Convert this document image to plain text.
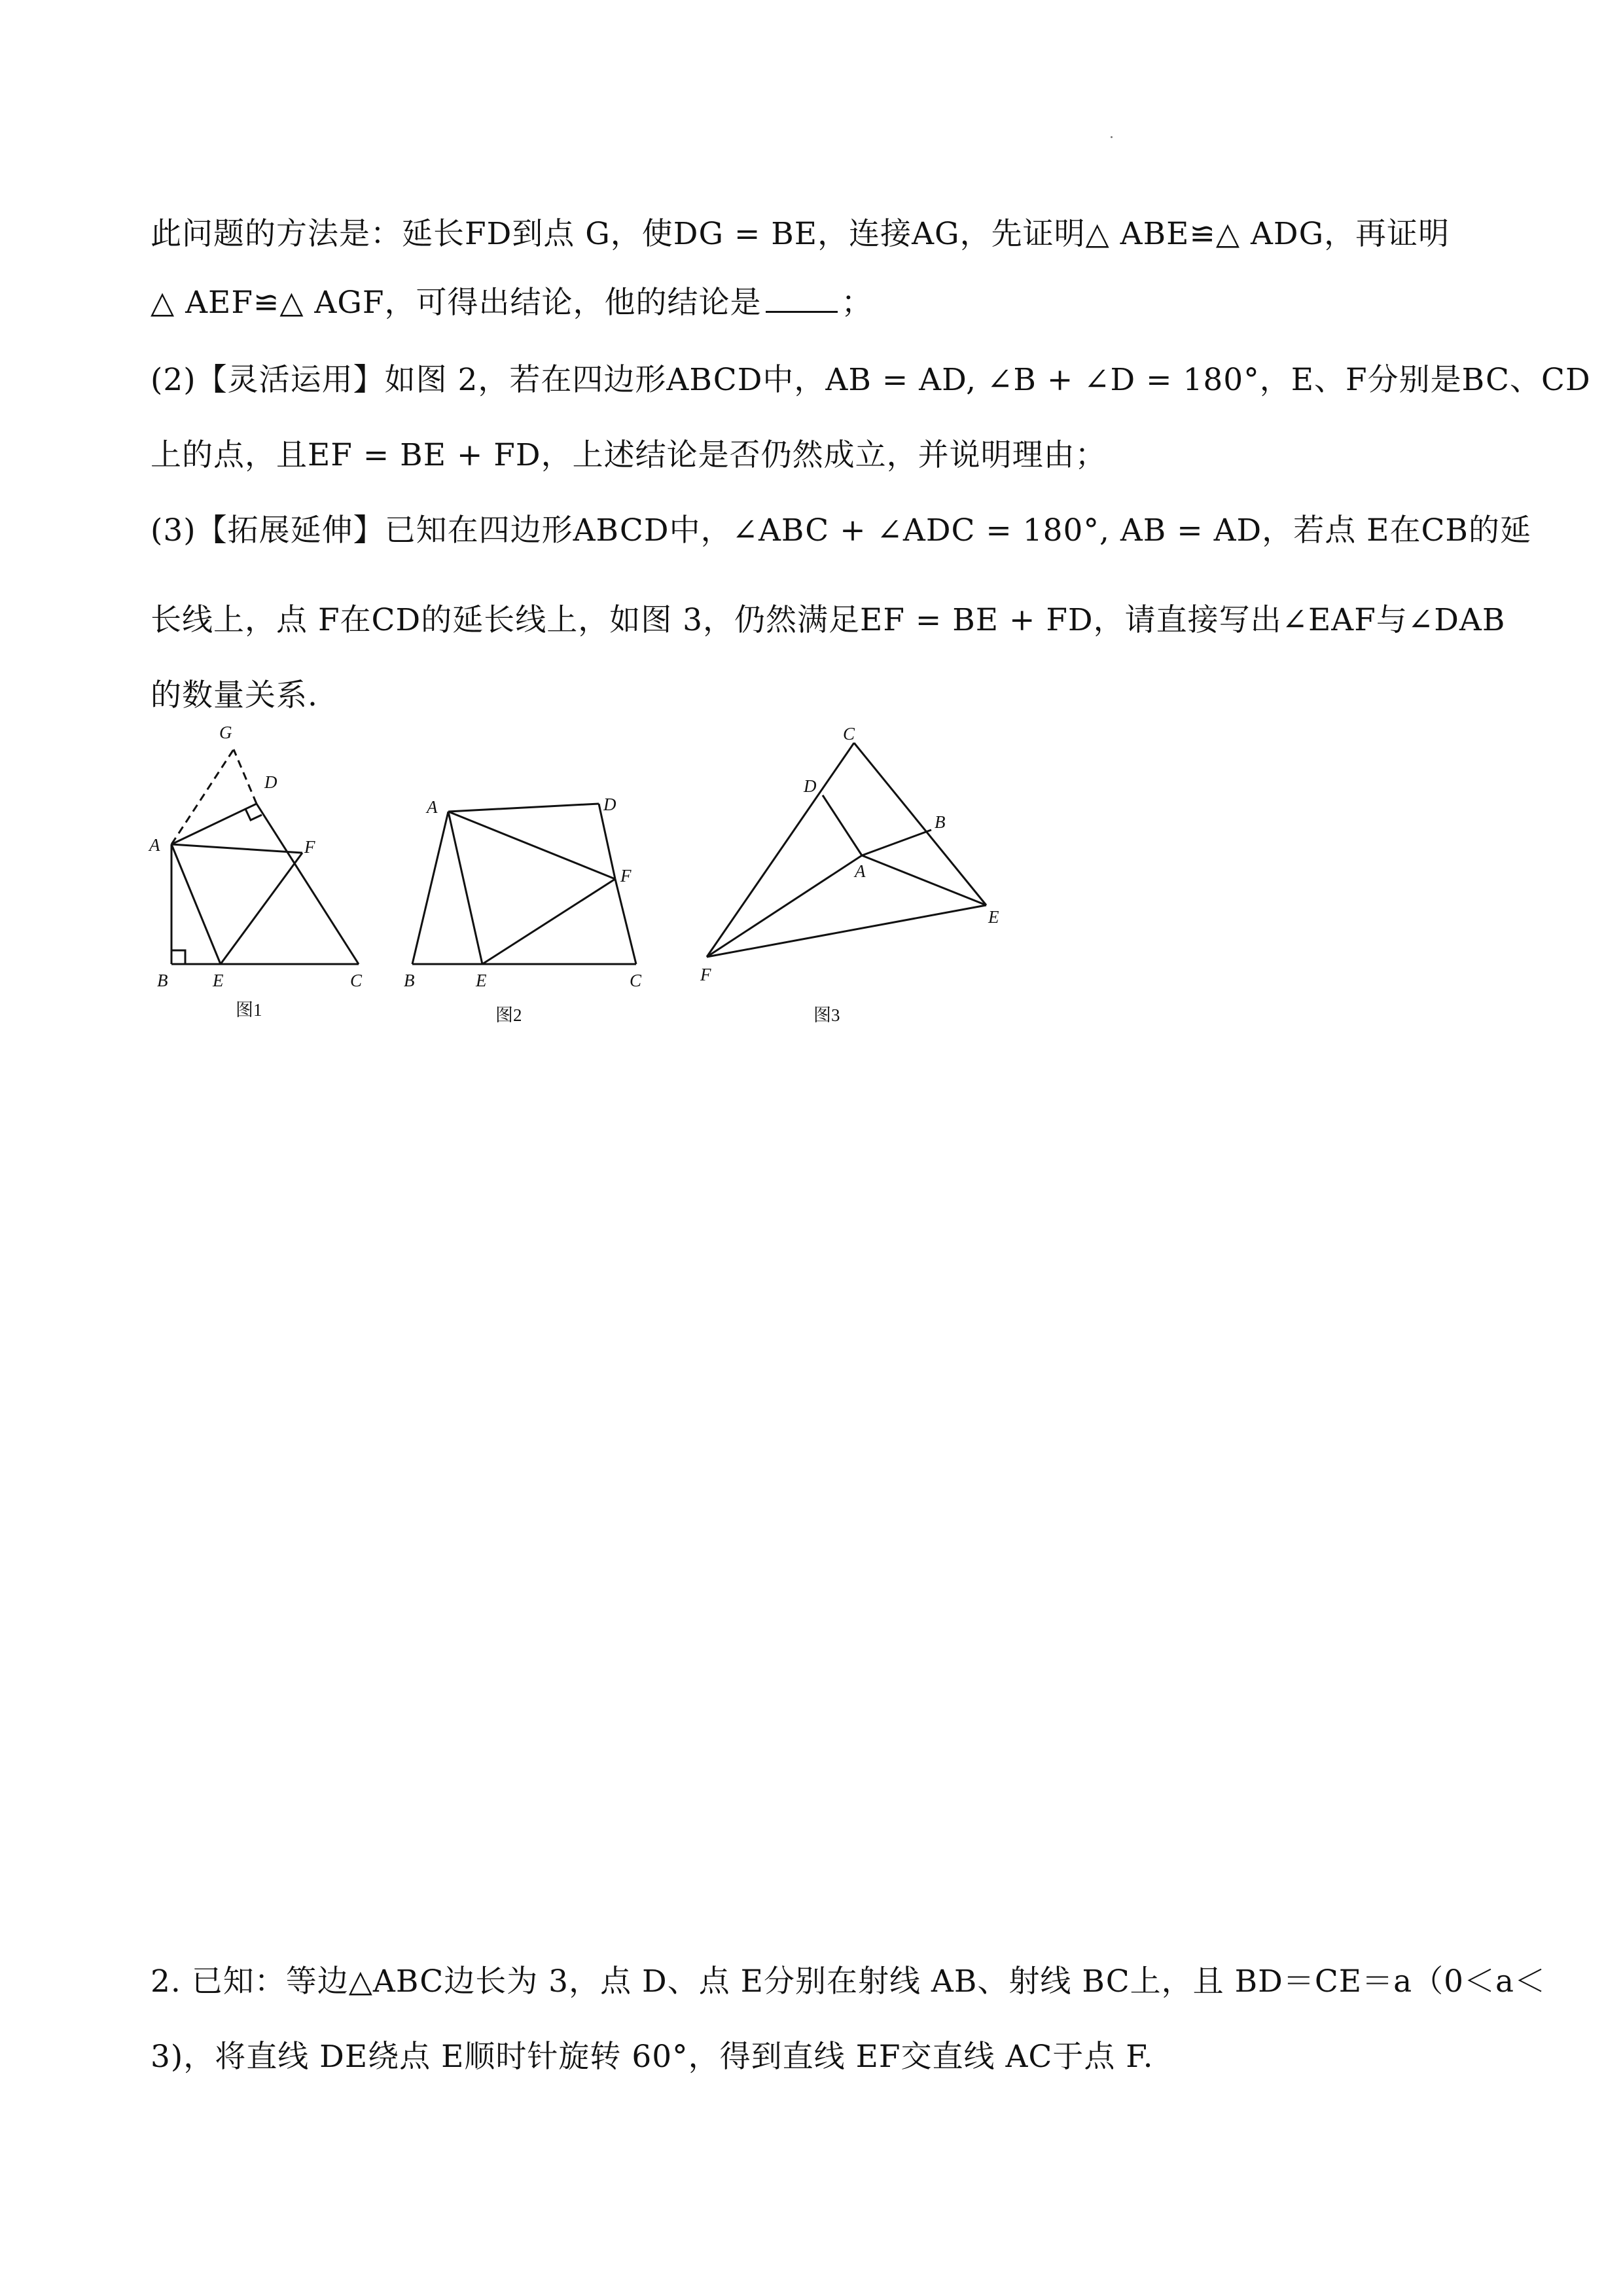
此问题的方法是：延长FD到点 G，使DG = BE，连接AG，先证明△ ABE≌△ ADG，再证明
△ AEF≌△ AGF，可得出结论，他的结论是	；
(2)【灵活运用】如图 2，若在四边形ABCD中，AB = AD, ∠B + ∠D = 180°，E、F分别是BC、CD
上的点，且EF = BE + FD，上述结论是否仍然成立，并说明理由；
(3)【拓展延伸】已知在四边形ABCD中，∠ABC + ∠ADC = 180°, AB = AD，若点 E在CB的延
长线上，点 F在CD的延长线上，如图 3，仍然满足EF = BE + FD，请直接写出∠EAF与∠DAB
的数量关系.
G
D
A	F
B	E	C
图1
A	D
F
B	E	C
图2
C
D
B
A
E
F
图3
2. 已知：等边△ABC边长为 3，点 D、点 E分别在射线 AB、射线 BC上，且 BD＝CE＝a（0＜a＜
3)，将直线 DE绕点 E顺时针旋转 60°，得到直线 EF交直线 AC于点 F.
